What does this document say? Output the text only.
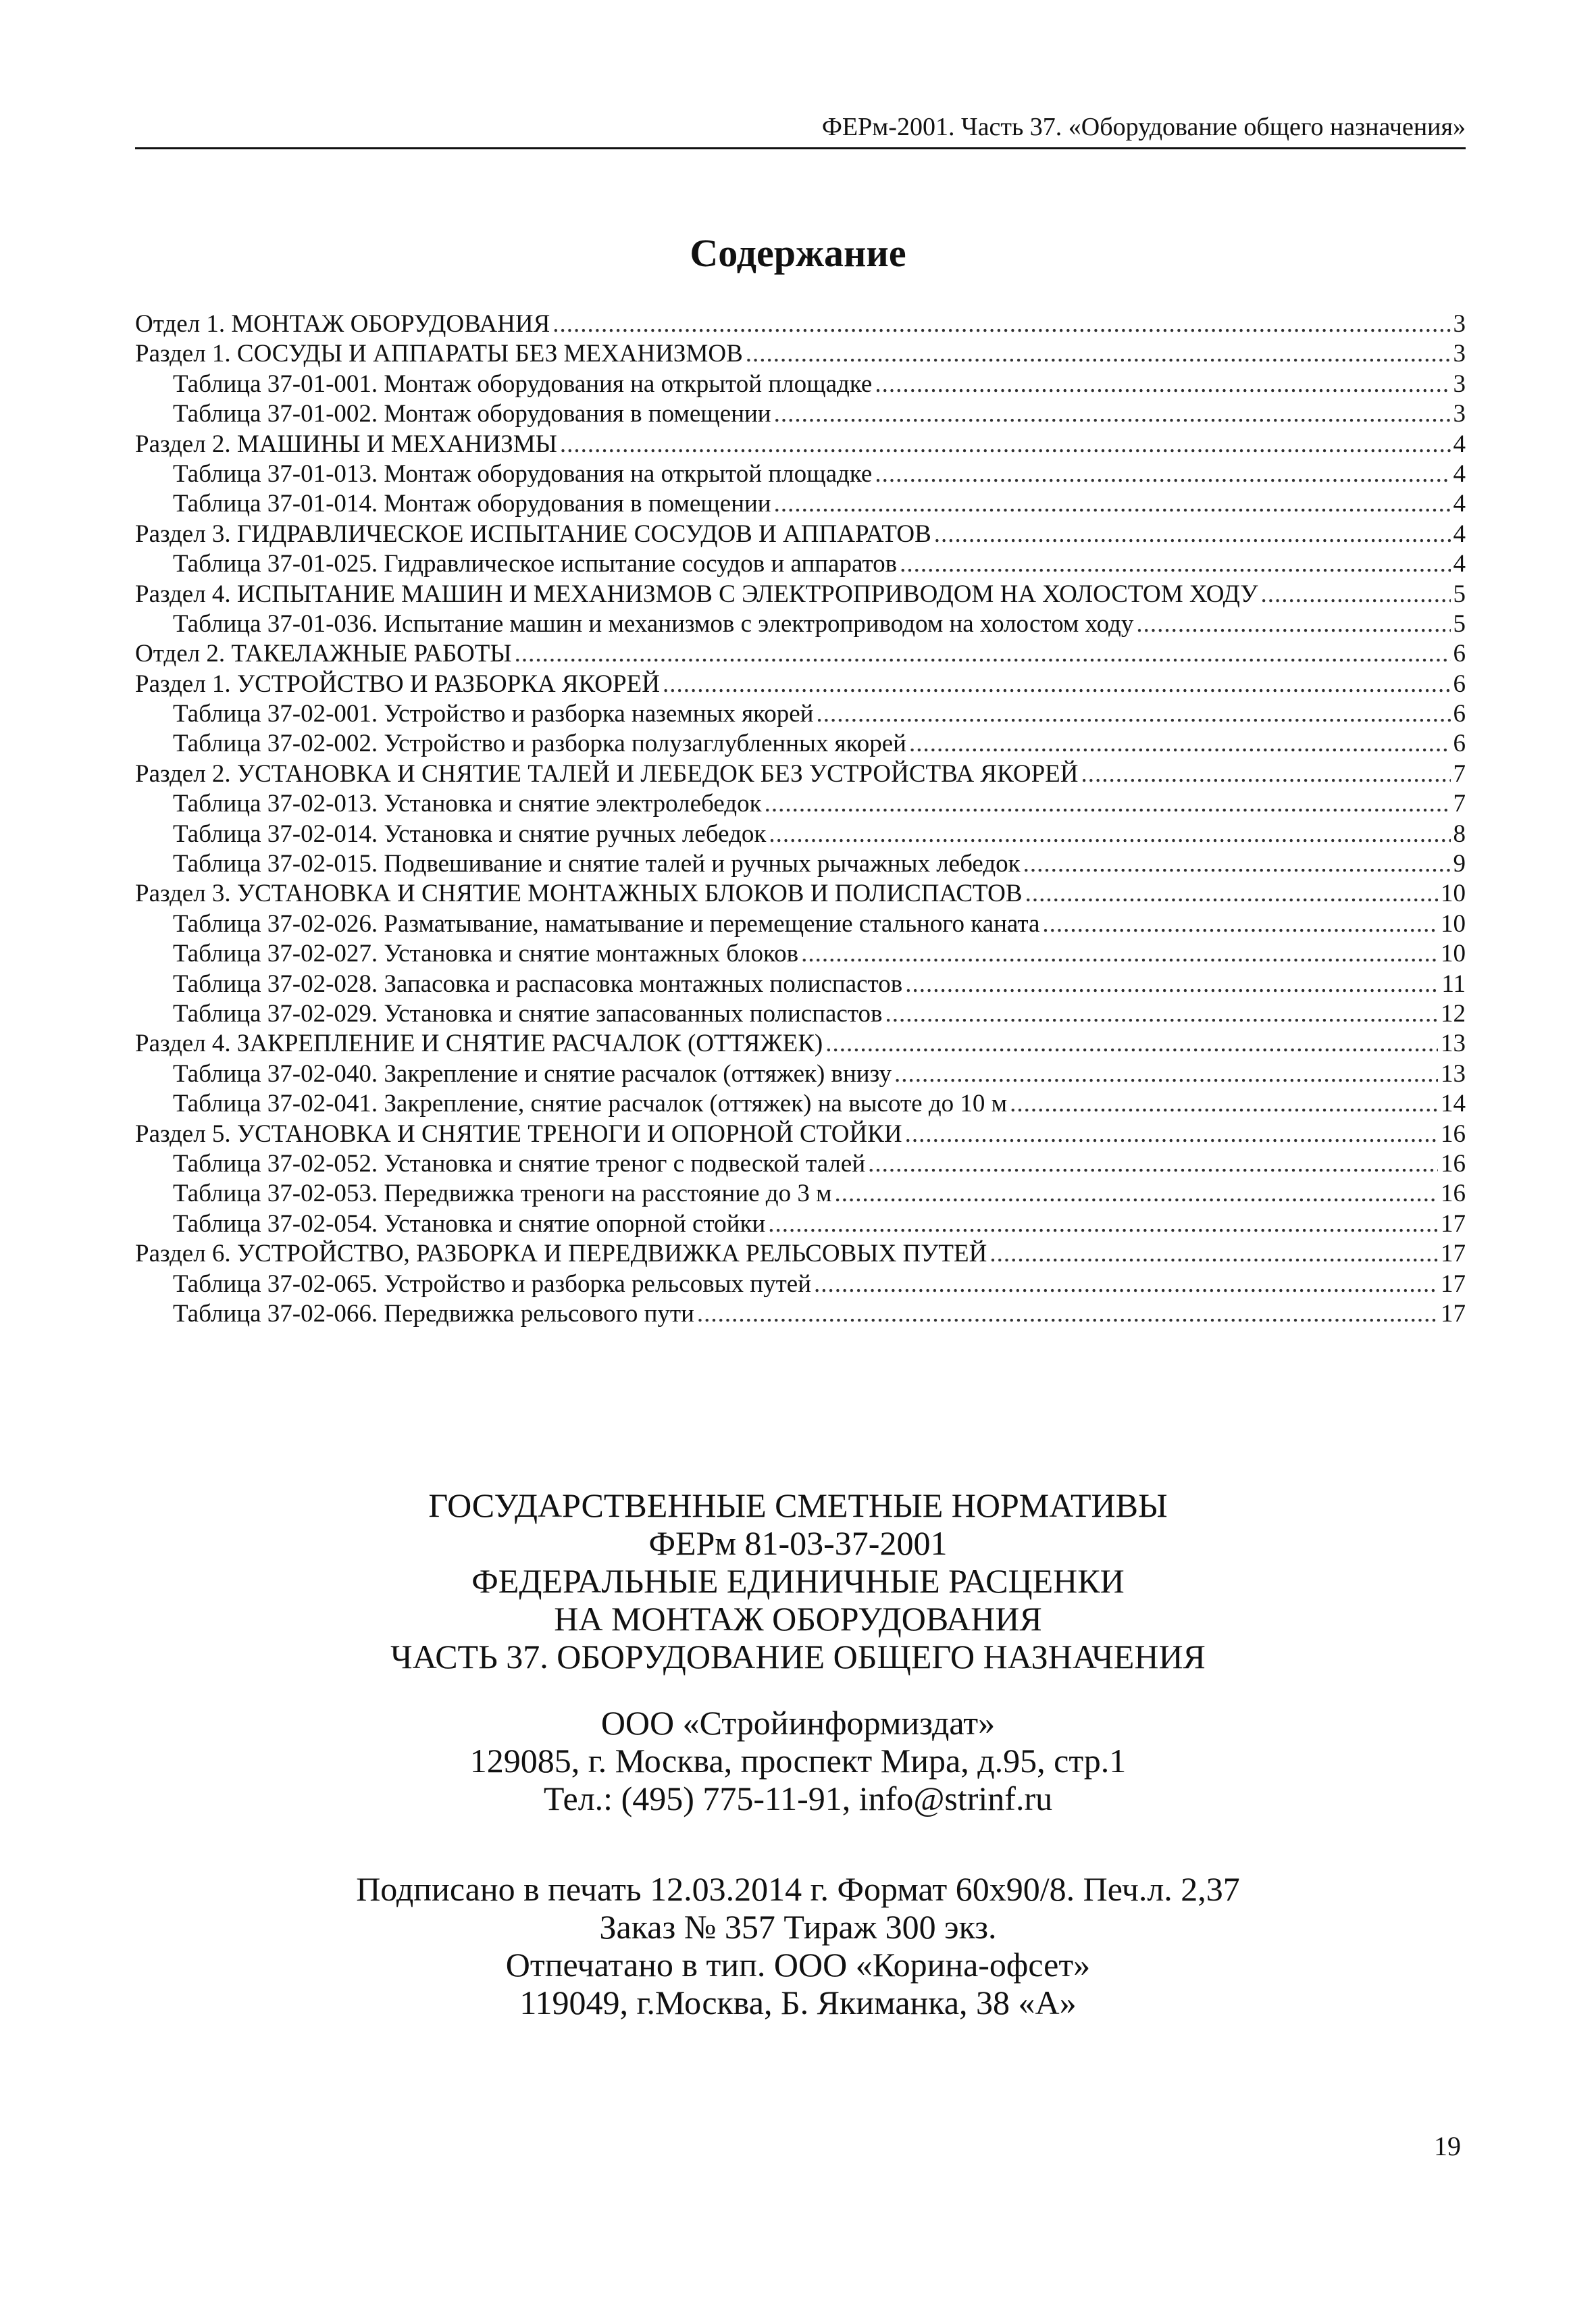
ФЕРм-2001. Часть 37. «Оборудование общего назначения»
Содержание
Отдел 1. МОНТАЖ ОБОРУДОВАНИЯ .....	3
Раздел 1. СОСУДЫ И АППАРАТЫ БЕЗ МЕХАНИЗМОВ .....	3
Таблица 37-01-001. Монтаж оборудования на открытой площадке .....	3
Таблица 37-01-002. Монтаж оборудования в помещении .....	3
Раздел 2. МАШИНЫ И МЕХАНИЗМЫ .....	4
Таблица 37-01-013. Монтаж оборудования на открытой площадке .....	4
Таблица 37-01-014. Монтаж оборудования в помещении .....	4
Раздел 3. ГИДРАВЛИЧЕСКОЕ ИСПЫТАНИЕ СОСУДОВ И АППАРАТОВ .....	4
Таблица 37-01-025. Гидравлическое испытание сосудов и аппаратов .....	4
Раздел 4. ИСПЫТАНИЕ МАШИН И МЕХАНИЗМОВ С ЭЛЕКТРОПРИВОДОМ НА ХОЛОСТОМ ХОДУ .....	5
Таблица 37-01-036. Испытание машин и механизмов с электроприводом на холостом ходу .....	5
Отдел 2. ТАКЕЛАЖНЫЕ РАБОТЫ .....	6
Раздел 1. УСТРОЙСТВО И РАЗБОРКА ЯКОРЕЙ .....	6
Таблица 37-02-001. Устройство и разборка наземных якорей .....	6
Таблица 37-02-002. Устройство и разборка полузаглубленных якорей .....	6
Раздел 2. УСТАНОВКА И СНЯТИЕ ТАЛЕЙ И ЛЕБЕДОК БЕЗ УСТРОЙСТВА ЯКОРЕЙ .....	7
Таблица 37-02-013. Установка и снятие электролебедок .....	7
Таблица 37-02-014. Установка и снятие ручных лебедок .....	8
Таблица 37-02-015. Подвешивание и снятие талей и ручных рычажных лебедок .....	9
Раздел 3. УСТАНОВКА И СНЯТИЕ МОНТАЖНЫХ БЛОКОВ И ПОЛИСПАСТОВ .....	10
Таблица 37-02-026. Разматывание, наматывание и перемещение стального каната .....	10
Таблица 37-02-027. Установка и снятие монтажных блоков .....	10
Таблица 37-02-028. Запасовка и распасовка монтажных полиспастов .....	11
Таблица 37-02-029. Установка и снятие запасованных полиспастов .....	12
Раздел 4. ЗАКРЕПЛЕНИЕ И СНЯТИЕ РАСЧАЛОК (ОТТЯЖЕК) .....	13
Таблица 37-02-040. Закрепление и снятие расчалок (оттяжек) внизу .....	13
Таблица 37-02-041. Закрепление, снятие расчалок (оттяжек) на высоте до 10 м .....	14
Раздел 5. УСТАНОВКА И СНЯТИЕ ТРЕНОГИ И ОПОРНОЙ СТОЙКИ .....	16
Таблица 37-02-052. Установка и снятие треног с подвеской талей .....	16
Таблица 37-02-053. Передвижка треноги на расстояние до 3 м .....	16
Таблица 37-02-054. Установка и снятие опорной стойки .....	17
Раздел 6. УСТРОЙСТВО, РАЗБОРКА И ПЕРЕДВИЖКА РЕЛЬСОВЫХ ПУТЕЙ .....	17
Таблица 37-02-065. Устройство и разборка рельсовых путей .....	17
Таблица 37-02-066. Передвижка рельсового пути .....	17
ГОСУДАРСТВЕННЫЕ СМЕТНЫЕ НОРМАТИВЫ
ФЕРм 81-03-37-2001
ФЕДЕРАЛЬНЫЕ ЕДИНИЧНЫЕ РАСЦЕНКИ
НА МОНТАЖ ОБОРУДОВАНИЯ
ЧАСТЬ 37. ОБОРУДОВАНИЕ ОБЩЕГО НАЗНАЧЕНИЯ
ООО «Стройинформиздат»
129085, г. Москва, проспект Мира, д.95, стр.1
Тел.: (495) 775-11-91, info@strinf.ru
Подписано в печать 12.03.2014 г. Формат 60x90/8. Печ.л. 2,37
Заказ № 357 Тираж 300 экз.
Отпечатано в тип. ООО «Корина-офсет»
119049, г.Москва, Б. Якиманка, 38 «А»
19
